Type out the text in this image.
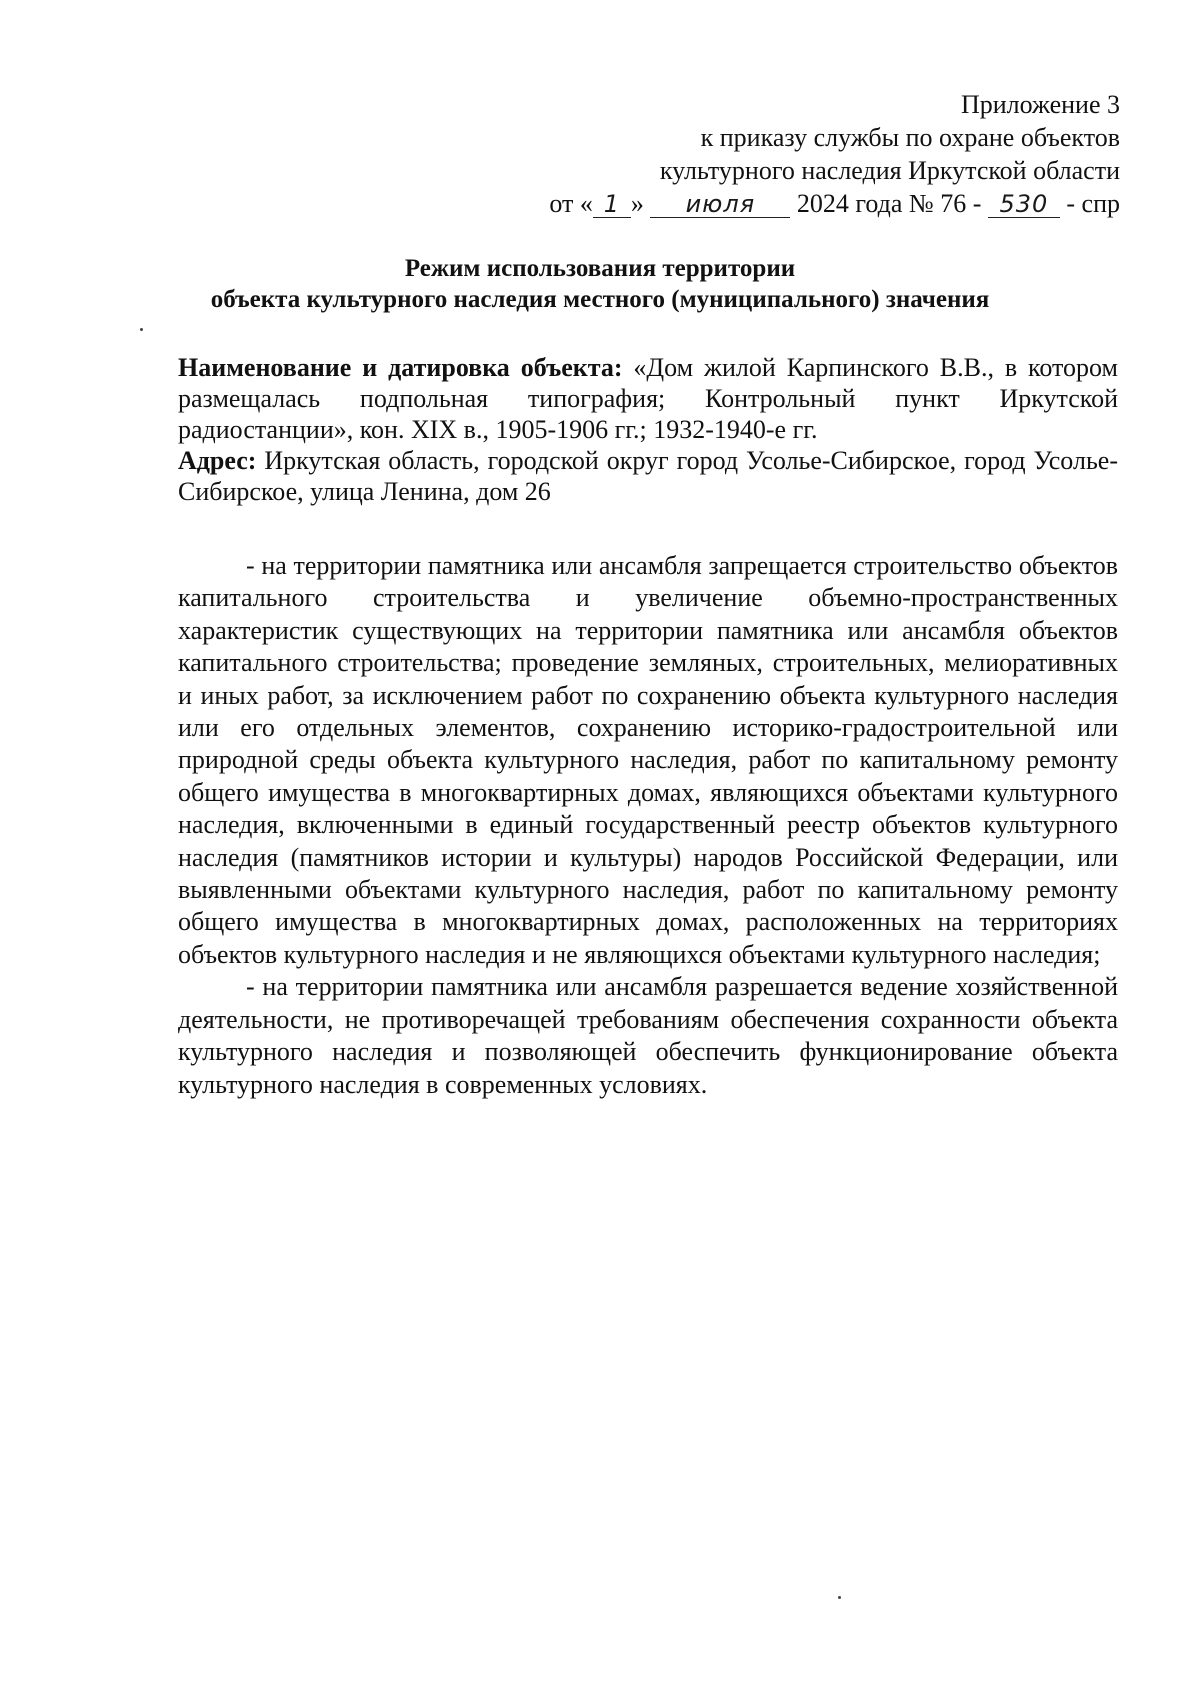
Приложение 3
к приказу службы по охране объектов
культурного наследия Иркутской области
от « 1 » июля 2024 года № 76 - 530 - спр
Режим использования территории
объекта культурного наследия местного (муниципального) значения

Наименование и датировка объекта: «Дом жилой Карпинского В.В., в котором размещалась подпольная типография; Контрольный пункт Иркутской радиостанции», кон. XIX в., 1905-1906 гг.; 1932-1940-е гг.

Адрес: Иркутская область, городской округ город Усолье-Сибирское, город Усолье-Сибирское, улица Ленина, дом 26

- на территории памятника или ансамбля запрещается строительство объектов капитального строительства и увеличение объемно-пространственных характеристик существующих на территории памятника или ансамбля объектов капитального строительства; проведение земляных, строительных, мелиоративных и иных работ, за исключением работ по сохранению объекта культурного наследия или его отдельных элементов, сохранению историко-градостроительной или природной среды объекта культурного наследия, работ по капитальному ремонту общего имущества в многоквартирных домах, являющихся объектами культурного наследия, включенными в единый государственный реестр объектов культурного наследия (памятников истории и культуры) народов Российской Федерации, или выявленными объектами культурного наследия, работ по капитальному ремонту общего имущества в многоквартирных домах, расположенных на территориях объектов культурного наследия и не являющихся объектами культурного наследия;

- на территории памятника или ансамбля разрешается ведение хозяйственной деятельности, не противоречащей требованиям обеспечения сохранности объекта культурного наследия и позволяющей обеспечить функционирование объекта культурного наследия в современных условиях.
